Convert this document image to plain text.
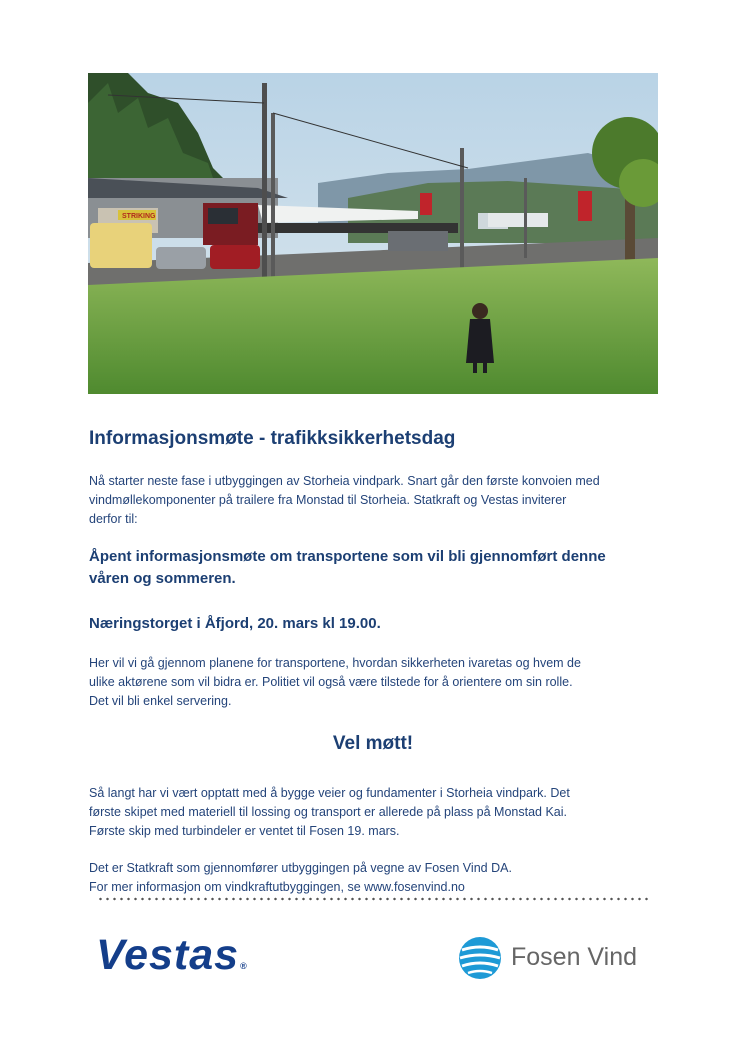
STRIKING
Informasjonsmøte - trafikksikkerhetsdag
Nå starter neste fase i utbyggingen av Storheia vindpark. Snart går den første konvoien med
vindmøllekomponenter på trailere fra Monstad til Storheia. Statkraft og Vestas inviterer
derfor til:
Åpent informasjonsmøte om transportene som vil bli gjennomført denne
våren og sommeren.
Næringstorget i Åfjord, 20. mars kl 19.00.
Her vil vi gå gjennom planene for transportene, hvordan sikkerheten ivaretas og hvem de
ulike aktørene som vil bidra er. Politiet vil også være tilstede for å orientere om sin rolle.
Det vil bli enkel servering.
Vel møtt!
Så langt har vi vært opptatt med å bygge veier og fundamenter i Storheia vindpark. Det
første skipet med materiell til lossing og transport er allerede på plass på Monstad Kai.
Første skip med turbindeler er ventet til Fosen 19. mars.
Det er Statkraft som gjennomfører utbyggingen på vegne av Fosen Vind DA.
For mer informasjon om vindkraftutbyggingen, se www.fosenvind.no
Vestas®	Fosen Vind
